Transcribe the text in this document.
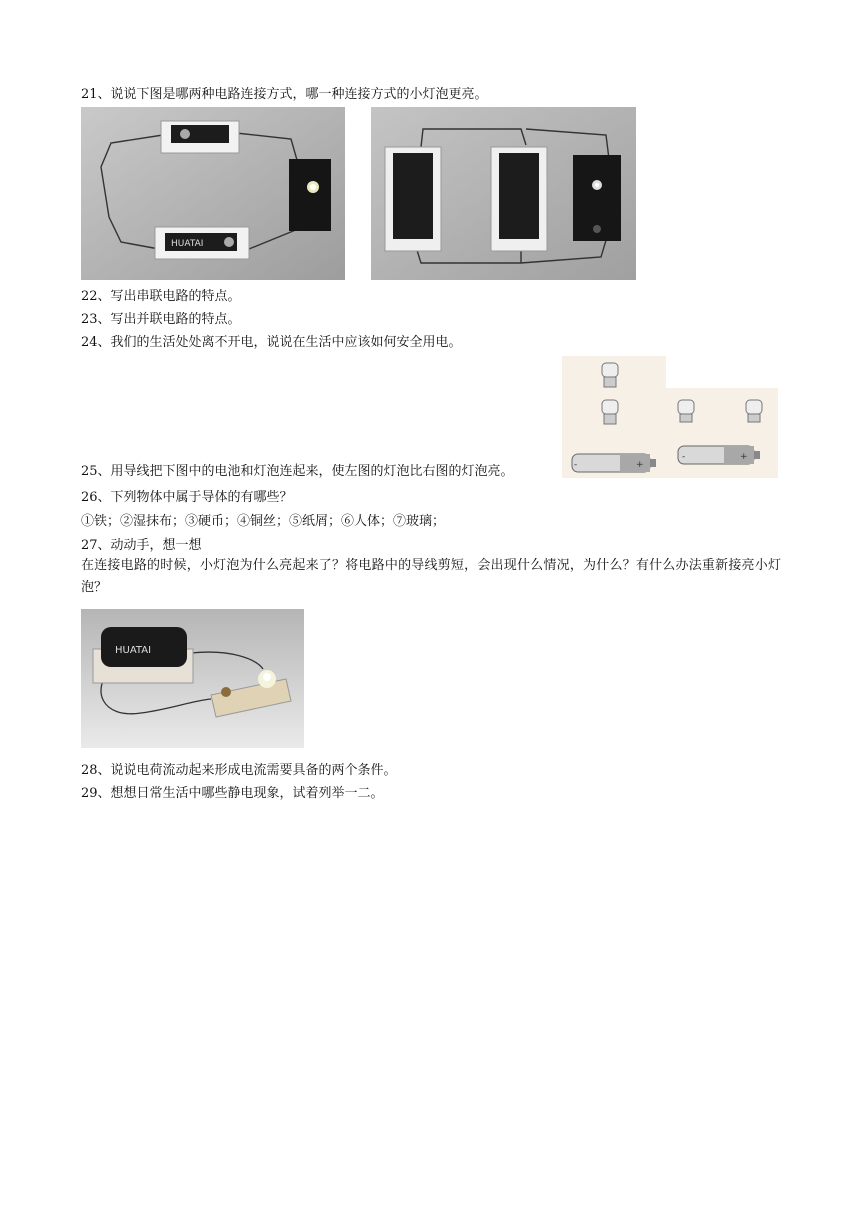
21、说说下图是哪两种电路连接方式，哪一种连接方式的小灯泡更亮。
HUATAI
22、写出串联电路的特点。
23、写出并联电路的特点。
24、我们的生活处处离不开电，说说在生活中应该如何安全用电。
-	+
-	+
25、用导线把下图中的电池和灯泡连起来，使左图的灯泡比右图的灯泡亮。
26、下列物体中属于导体的有哪些？
①铁；②湿抹布；③硬币；④铜丝；⑤纸屑；⑥人体；⑦玻璃；
27、动动手，想一想
在连接电路的时候，小灯泡为什么亮起来了？将电路中的导线剪短，会出现什么情况，为什么？有什么办法重新接亮小灯泡？
HUATAI
28、说说电荷流动起来形成电流需要具备的两个条件。
29、想想日常生活中哪些静电现象，试着列举一二。
